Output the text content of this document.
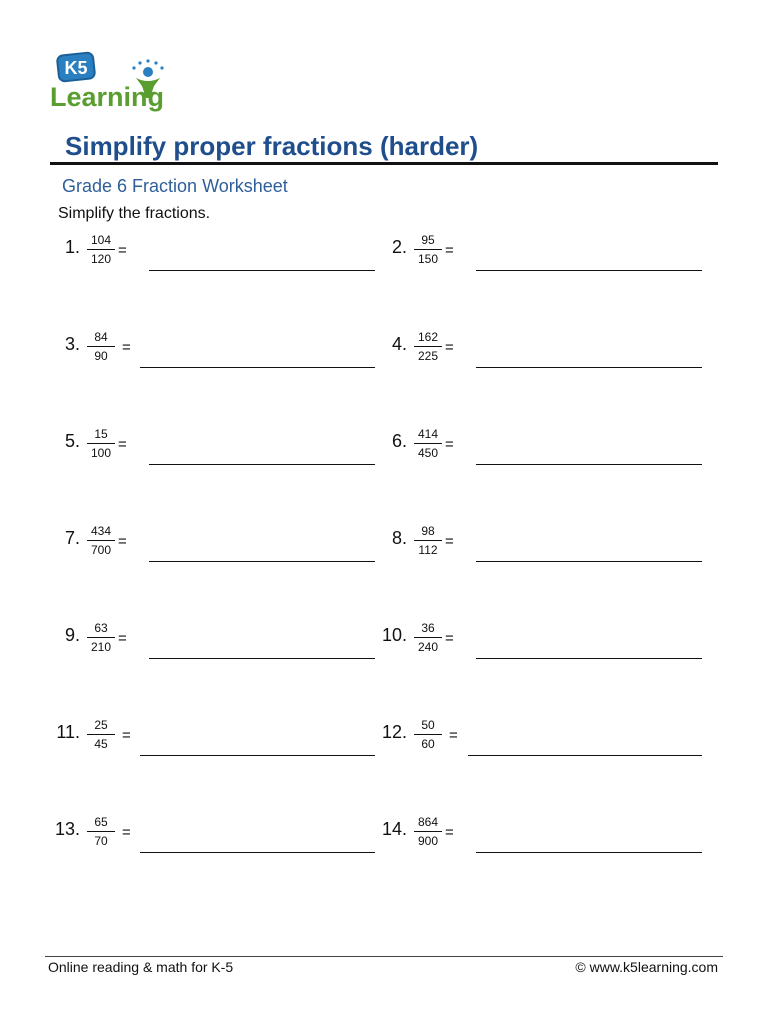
K5
Learning
Simplify proper fractions (harder)
Grade 6 Fraction Worksheet
Simplify the fractions.
1. 104
120 =	2.	95
150 =
3.	84
90 =	4. 162
225 =
5.	15
100 =	6. 414
450 =
7. 434
700 =	8.	98
112 =
9.	63
210 =	10.	36
240 =
11.	25
45 =	12.	50
60 =
13.	65
70 =	14. 864
900 =
Online reading & math for K-5	© www.k5learning.com
